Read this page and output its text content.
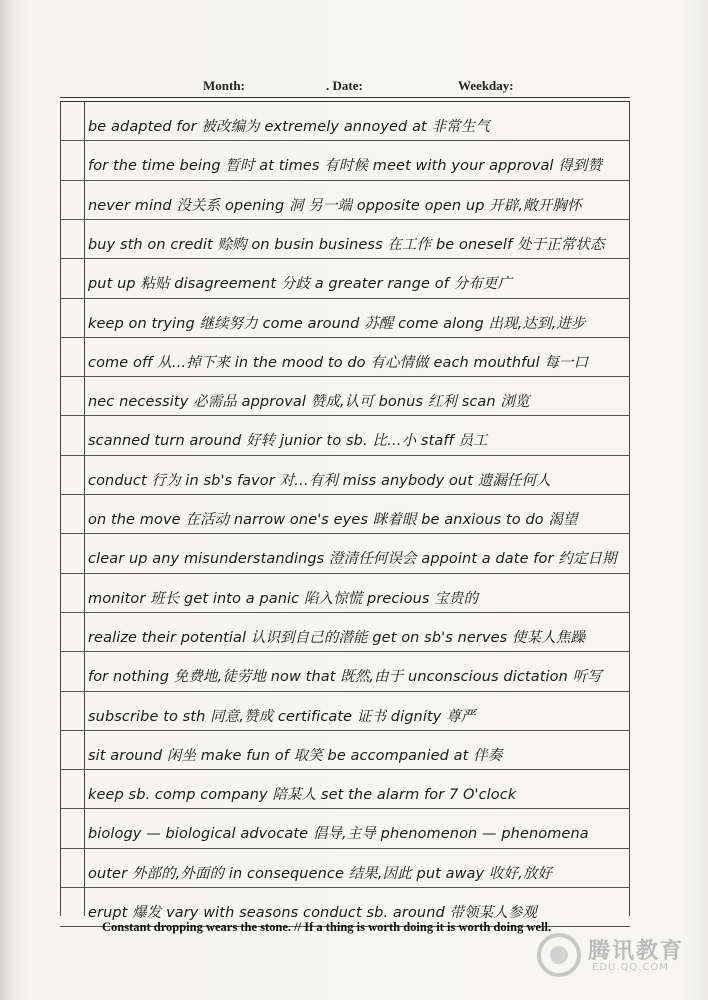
Month:	. Date:	Weekday:
be adapted for 被改编为 extremely annoyed at 非常生气
for the time being 暂时 at times 有时候 meet with your approval 得到赞
never mind 没关系 opening 洞 另一端 opposite open up 开辟,敞开胸怀
buy sth on credit 赊购 on busin business 在工作 be oneself 处于正常状态
put up 粘贴 disagreement 分歧 a greater range of 分布更广
keep on trying 继续努力 come around 苏醒 come along 出现,达到,进步
come off 从…掉下来 in the mood to do 有心情做 each mouthful 每一口
nec necessity 必需品 approval 赞成,认可 bonus 红利 scan 浏览
scanned turn around 好转 junior to sb. 比…小 staff 员工
conduct 行为 in sb's favor 对…有利 miss anybody out 遗漏任何人
on the move 在活动 narrow one's eyes 眯着眼 be anxious to do 渴望
clear up any misunderstandings 澄清任何误会 appoint a date for 约定日期
monitor 班长 get into a panic 陷入惊慌 precious 宝贵的
realize their potential 认识到自己的潜能 get on sb's nerves 使某人焦躁
for nothing 免费地,徒劳地 now that 既然,由于 unconscious dictation 听写
subscribe to sth 同意,赞成 certificate 证书 dignity 尊严
sit around 闲坐 make fun of 取笑 be accompanied at 伴奏
keep sb. comp company 陪某人 set the alarm for 7 O'clock
biology — biological advocate 倡导,主导 phenomenon — phenomena
outer 外部的,外面的 in consequence 结果,因此 put away 收好,放好
erupt 爆发 vary with seasons conduct sb. around 带领某人参观
Constant dropping wears the stone. // If a thing is worth doing it is worth doing well.
腾讯教育
EDU.QQ.COM
